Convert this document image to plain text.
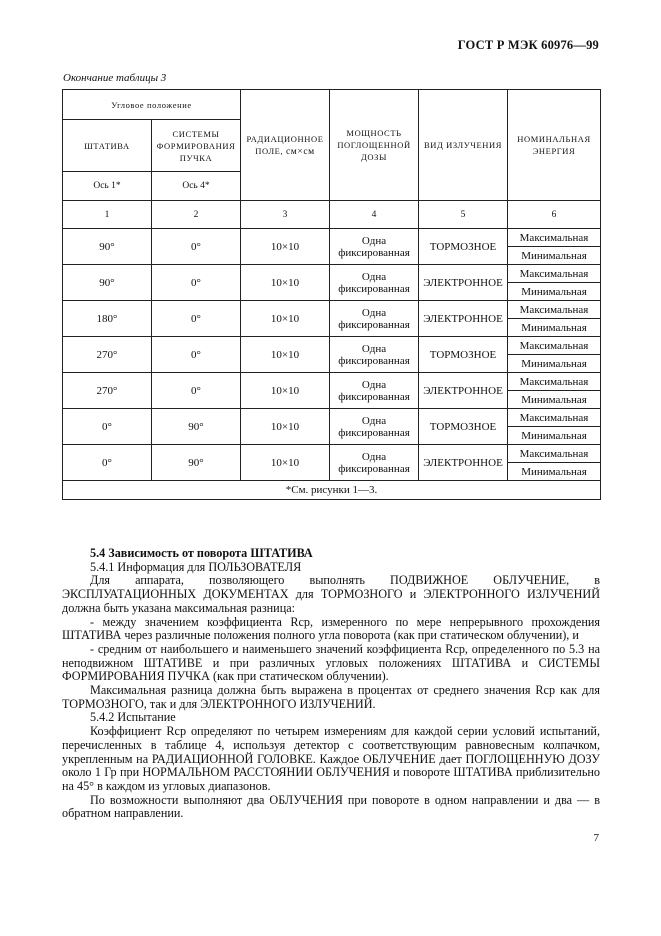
ГОСТ Р МЭК 60976—99
Окончание таблицы 3
Угловое положение		РАДИАЦИОННОЕ ПОЛЕ, см×см	МОЩНОСТЬ ПОГЛОЩЕННОЙ ДОЗЫ	ВИД ИЗЛУЧЕНИЯ	НОМИНАЛЬНАЯ ЭНЕРГИЯ
ШТАТИВА	СИСТЕМЫ ФОРМИРОВАНИЯ ПУЧКА				
Ось 1*	Ось 4*				
1	2	3	4	5	6
90°	0°	10×10	Одна фиксированная	ТОРМОЗНОЕ	Максимальная
					Минимальная
90°	0°	10×10	Одна фиксированная	ЭЛЕКТРОННОЕ	Максимальная
					Минимальная
180°	0°	10×10	Одна фиксированная	ЭЛЕКТРОННОЕ	Максимальная
					Минимальная
270°	0°	10×10	Одна фиксированная	ТОРМОЗНОЕ	Максимальная
					Минимальная
270°	0°	10×10	Одна фиксированная	ЭЛЕКТРОННОЕ	Максимальная
					Минимальная
0°	90°	10×10	Одна фиксированная	ТОРМОЗНОЕ	Максимальная
					Минимальная
0°	90°	10×10	Одна фиксированная	ЭЛЕКТРОННОЕ	Максимальная
					Минимальная
*См. рисунки 1—3.					

5.4 Зависимость от поворота ШТАТИВА

5.4.1 Информация для ПОЛЬЗОВАТЕЛЯ

Для аппарата, позволяющего выполнять ПОДВИЖНОЕ ОБЛУЧЕНИЕ, в ЭКСПЛУАТАЦИОННЫХ ДОКУМЕНТАХ для ТОРМОЗНОГО и ЭЛЕКТРОННОГО ИЗЛУЧЕНИЙ должна быть указана максимальная разница:

- между значением коэффициента Rср, измеренного по мере непрерывного прохождения ШТАТИВА через различные положения полного угла поворота (как при статическом облучении), и

- средним от наибольшего и наименьшего значений коэффициента Rср, определенного по 5.3 на неподвижном ШТАТИВЕ и при различных угловых положениях ШТАТИВА и СИСТЕМЫ ФОРМИРОВАНИЯ ПУЧКА (как при статическом облучении).

Максимальная разница должна быть выражена в процентах от среднего значения Rср как для ТОРМОЗНОГО, так и для ЭЛЕКТРОННОГО ИЗЛУЧЕНИЙ.

5.4.2 Испытание

Коэффициент Rср определяют по четырем измерениям для каждой серии условий испытаний, перечисленных в таблице 4, используя детектор с соответствующим равновесным колпачком, укрепленным на РАДИАЦИОННОЙ ГОЛОВКЕ. Каждое ОБЛУЧЕНИЕ дает ПОГЛОЩЕННУЮ ДОЗУ около 1 Гр при НОРМАЛЬНОМ РАССТОЯНИИ ОБЛУЧЕНИЯ и повороте ШТАТИВА приблизительно на 45° в каждом из угловых диапазонов.

По возможности выполняют два ОБЛУЧЕНИЯ при повороте в одном направлении и два — в обратном направлении.

7
